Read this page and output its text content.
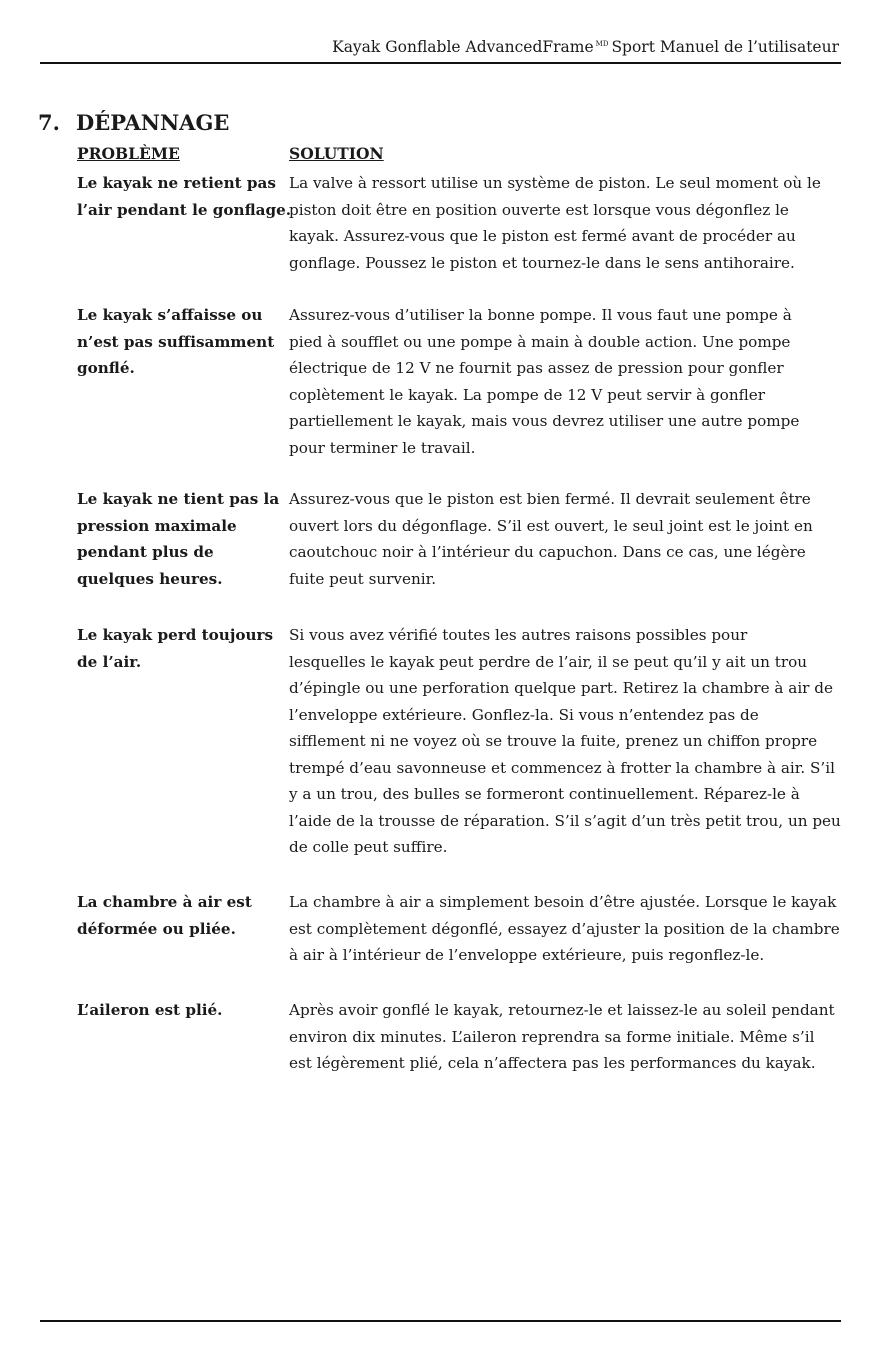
Kayak Gonflable AdvancedFrame $^{MD}$ Sport Manuel de l’utilisateur
7. DÉPANNAGE
PROBLÈME	SOLUTION
Le kayak ne retient pas
l’air pendant le gonflage.
La valve à ressort utilise un système de piston. Le seul moment où le
piston doit être en position ouverte est lorsque vous dégonflez le
kayak. Assurez-vous que le piston est fermé avant de procéder au
gonflage. Poussez le piston et tournez-le dans le sens antihoraire.
Le kayak s’affaisse ou
n’est pas suffisamment
gonflé.
Assurez-vous d’utiliser la bonne pompe. Il vous faut une pompe à
pied à soufflet ou une pompe à main à double action. Une pompe
électrique de 12 V ne fournit pas assez de pression pour gonfler
coplètement le kayak. La pompe de 12 V peut servir à gonfler
partiellement le kayak, mais vous devrez utiliser une autre pompe
pour terminer le travail.
Le kayak ne tient pas la
pression maximale
pendant plus de
quelques heures.
Assurez-vous que le piston est bien fermé. Il devrait seulement être
ouvert lors du dégonflage. S’il est ouvert, le seul joint est le joint en
caoutchouc noir à l’intérieur du capuchon. Dans ce cas, une légère
fuite peut survenir.
Le kayak perd toujours
de l’air.
Si vous avez vérifié toutes les autres raisons possibles pour
lesquelles le kayak peut perdre de l’air, il se peut qu’il y ait un trou
d’épingle ou une perforation quelque part. Retirez la chambre à air de
l’enveloppe extérieure. Gonflez-la. Si vous n’entendez pas de
sifflement ni ne voyez où se trouve la fuite, prenez un chiffon propre
trempé d’eau savonneuse et commencez à frotter la chambre à air. S’il
y a un trou, des bulles se formeront continuellement. Réparez-le à
l’aide de la trousse de réparation. S’il s’agit d’un très petit trou, un peu
de colle peut suffire.
La chambre à air est
déformée ou pliée.
La chambre à air a simplement besoin d’être ajustée. Lorsque le kayak
est complètement dégonflé, essayez d’ajuster la position de la chambre
à air à l’intérieur de l’enveloppe extérieure, puis regonflez-le.
L’aileron est plié.	Après avoir gonflé le kayak, retournez-le et laissez-le au soleil pendant
environ dix minutes. L’aileron reprendra sa forme initiale. Même s’il
est légèrement plié, cela n’affectera pas les performances du kayak.
